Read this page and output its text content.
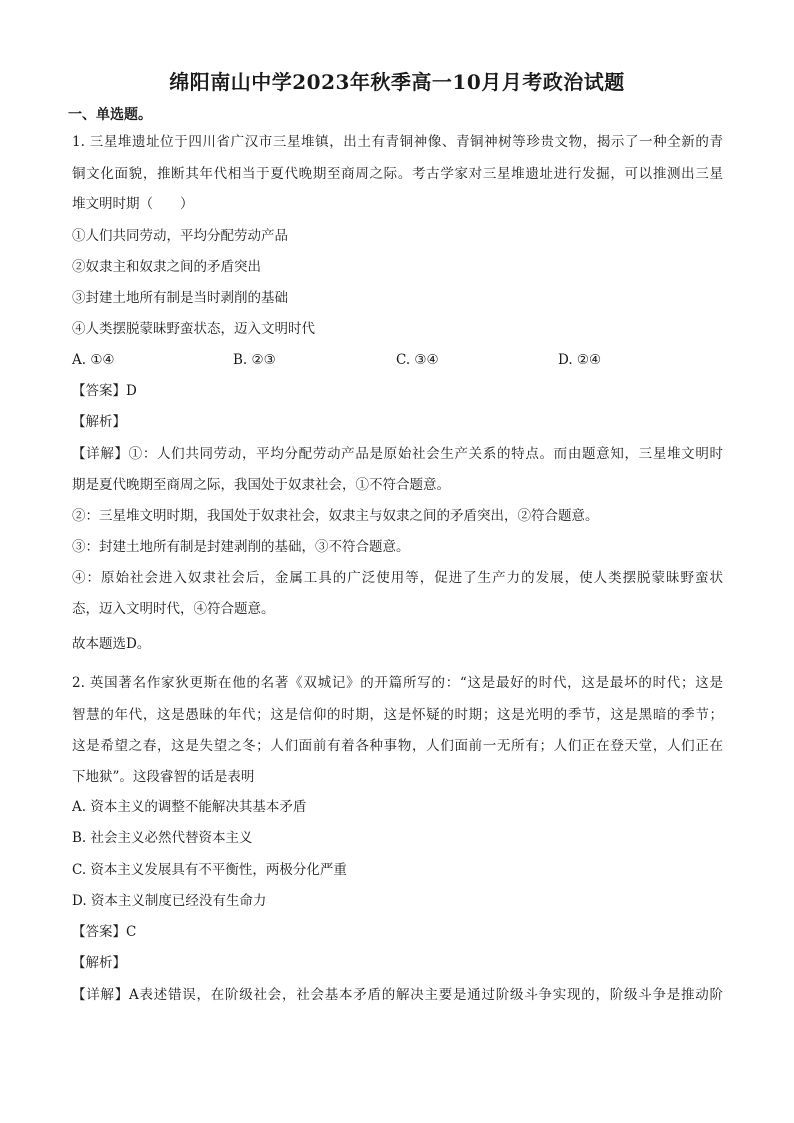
绵阳南山中学2023年秋季高一10月月考政治试题
一、单选题。
1. 三星堆遗址位于四川省广汉市三星堆镇，出土有青铜神像、青铜神树等珍贵文物，揭示了一种全新的青
铜文化面貌，推断其年代相当于夏代晚期至商周之际。考古学家对三星堆遗址进行发掘，可以推测出三星
堆文明时期（　　）
①人们共同劳动，平均分配劳动产品
②奴隶主和奴隶之间的矛盾突出
③封建土地所有制是当时剥削的基础
④人类摆脱蒙昧野蛮状态，迈入文明时代
A. ①④	B. ②③	C. ③④	D. ②④
【答案】D
【解析】
【详解】①：人们共同劳动，平均分配劳动产品是原始社会生产关系的特点。而由题意知，三星堆文明时
期是夏代晚期至商周之际，我国处于奴隶社会，①不符合题意。
②：三星堆文明时期，我国处于奴隶社会，奴隶主与奴隶之间的矛盾突出，②符合题意。
③：封建土地所有制是封建剥削的基础，③不符合题意。
④：原始社会进入奴隶社会后，金属工具的广泛使用等，促进了生产力的发展，使人类摆脱蒙昧野蛮状
态，迈入文明时代，④符合题意。
故本题选D。
2. 英国著名作家狄更斯在他的名著《双城记》的开篇所写的：“这是最好的时代，这是最坏的时代；这是
智慧的年代，这是愚昧的年代；这是信仰的时期，这是怀疑的时期；这是光明的季节，这是黑暗的季节；
这是希望之春，这是失望之冬；人们面前有着各种事物，人们面前一无所有；人们正在登天堂，人们正在
下地狱”。这段睿智的话是表明
A. 资本主义的调整不能解决其基本矛盾
B. 社会主义必然代替资本主义
C. 资本主义发展具有不平衡性，两极分化严重
D. 资本主义制度已经没有生命力
【答案】C
【解析】
【详解】A表述错误，在阶级社会，社会基本矛盾的解决主要是通过阶级斗争实现的，阶级斗争是推动阶
